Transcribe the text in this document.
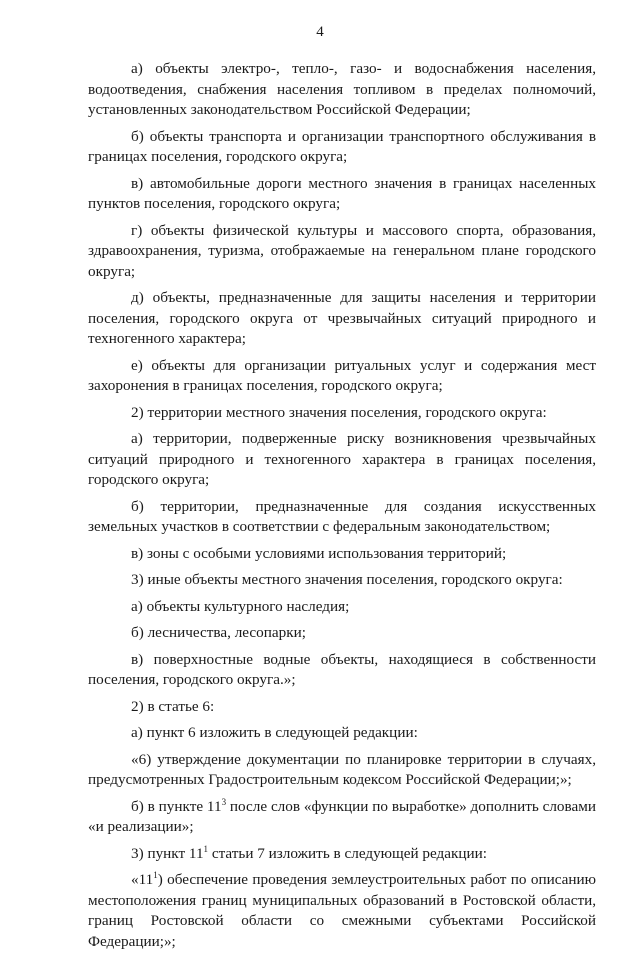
4

а) объекты электро-, тепло-, газо- и водоснабжения населения, водоотведения, снабжения населения топливом в пределах полномочий, установленных законодательством Российской Федерации;

б) объекты транспорта и организации транспортного обслуживания в границах поселения, городского округа;

в) автомобильные дороги местного значения в границах населенных пунктов поселения, городского округа;

г) объекты физической культуры и массового спорта, образования, здравоохранения, туризма, отображаемые на генеральном плане городского округа;

д) объекты, предназначенные для защиты населения и территории поселения, городского округа от чрезвычайных ситуаций природного и техногенного характера;

е) объекты для организации ритуальных услуг и содержания мест захоронения в границах поселения, городского округа;

2) территории местного значения поселения, городского округа:

а) территории, подверженные риску возникновения чрезвычайных ситуаций природного и техногенного характера в границах поселения, городского округа;

б) территории, предназначенные для создания искусственных земельных участков в соответствии с федеральным законодательством;

в) зоны с особыми условиями использования территорий;

3) иные объекты местного значения поселения, городского округа:

а) объекты культурного наследия;

б) лесничества, лесопарки;

в) поверхностные водные объекты, находящиеся в собственности поселения, городского округа.»;

2) в статье 6:

а) пункт 6 изложить в следующей редакции:

«6) утверждение документации по планировке территории в случаях, предусмотренных Градостроительным кодексом Российской Федерации;»;

б) в пункте $11^3$ после слов «функции по выработке» дополнить словами «и реализации»;

3) пункт $11^1$ статьи 7 изложить в следующей редакции:

«$11^1$) обеспечение проведения землеустроительных работ по описанию местоположения границ муниципальных образований в Ростовской области, границ Ростовской области со смежными субъектами Российской Федерации;»;
